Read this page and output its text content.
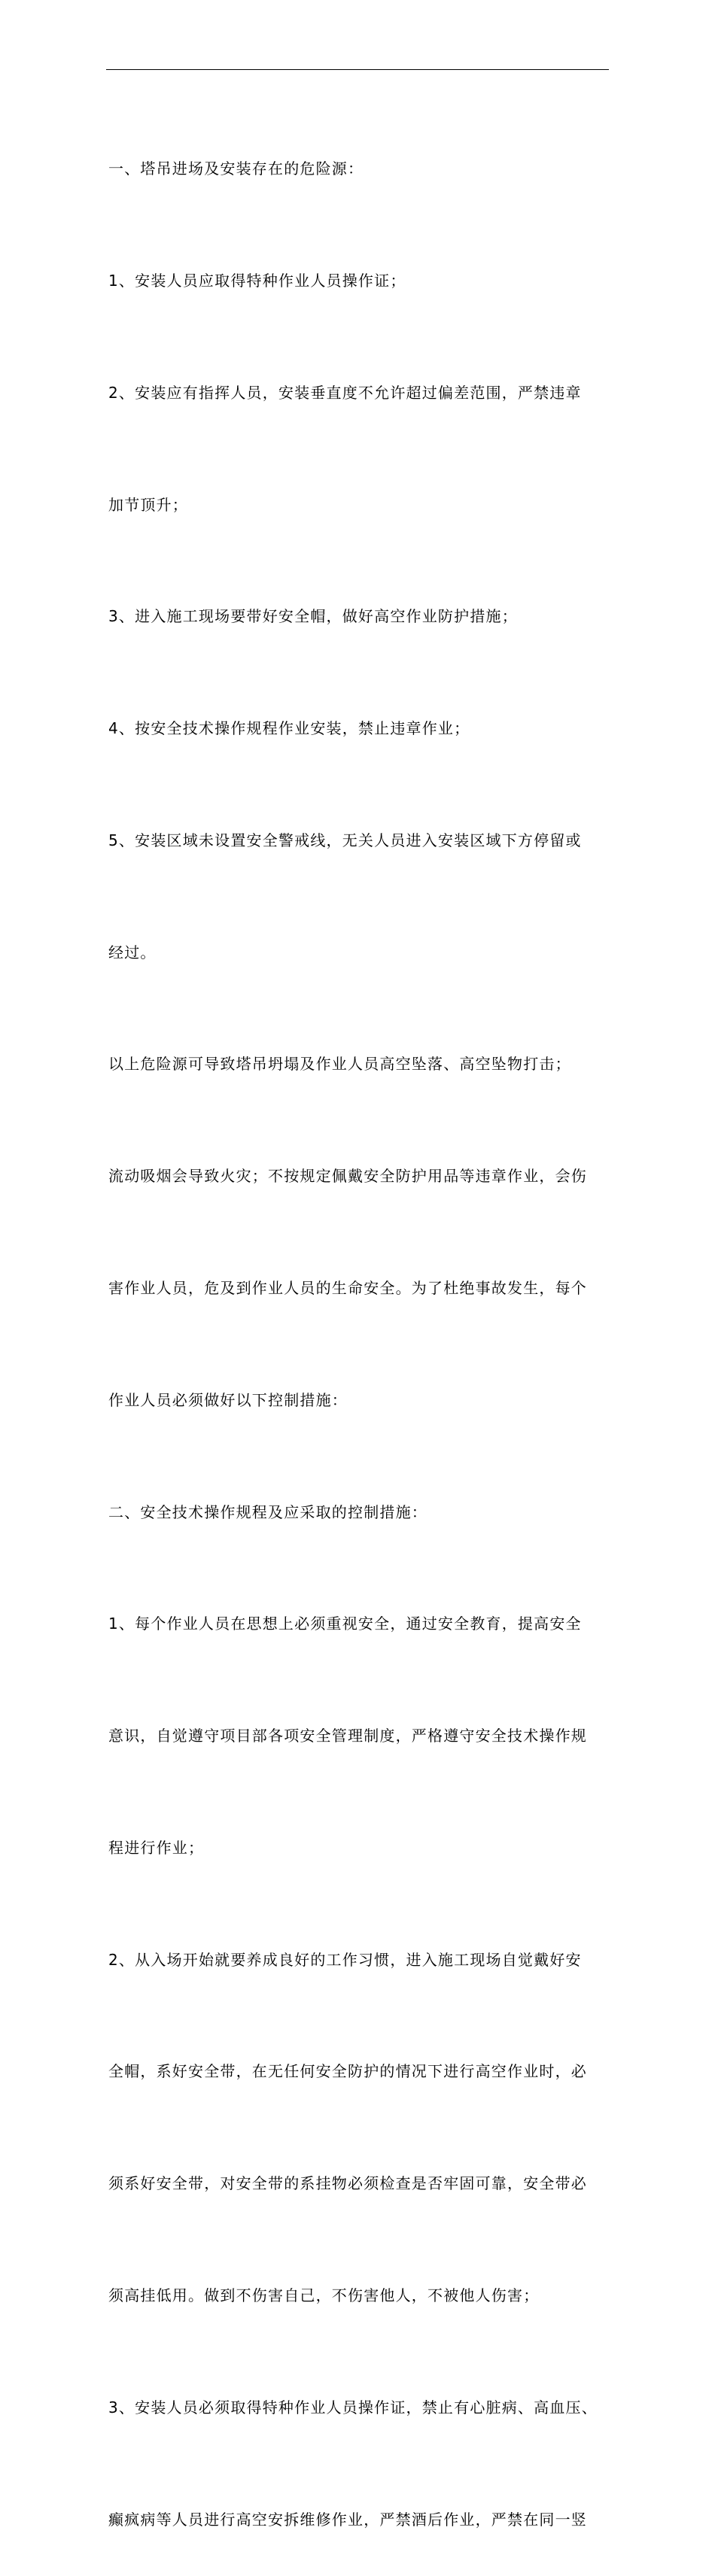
一、塔吊进场及安装存在的危险源：

1、安装人员应取得特种作业人员操作证；

2、安装应有指挥人员，安装垂直度不允许超过偏差范围，严禁违章

加节顶升；

3、进入施工现场要带好安全帽，做好高空作业防护措施；

4、按安全技术操作规程作业安装，禁止违章作业；

5、安装区域未设置安全警戒线，无关人员进入安装区域下方停留或

经过。

以上危险源可导致塔吊坍塌及作业人员高空坠落、高空坠物打击；

流动吸烟会导致火灾；不按规定佩戴安全防护用品等违章作业，会伤

害作业人员，危及到作业人员的生命安全。为了杜绝事故发生，每个

作业人员必须做好以下控制措施：

二、安全技术操作规程及应采取的控制措施：

1、每个作业人员在思想上必须重视安全，通过安全教育，提高安全

意识，自觉遵守项目部各项安全管理制度，严格遵守安全技术操作规

程进行作业；

2、从入场开始就要养成良好的工作习惯，进入施工现场自觉戴好安

全帽，系好安全带，在无任何安全防护的情况下进行高空作业时，必

须系好安全带，对安全带的系挂物必须检查是否牢固可靠，安全带必

须高挂低用。做到不伤害自己，不伤害他人，不被他人伤害；

3、安装人员必须取得特种作业人员操作证，禁止有心脏病、高血压、

癫疯病等人员进行高空安拆维修作业，严禁酒后作业，严禁在同一竖
